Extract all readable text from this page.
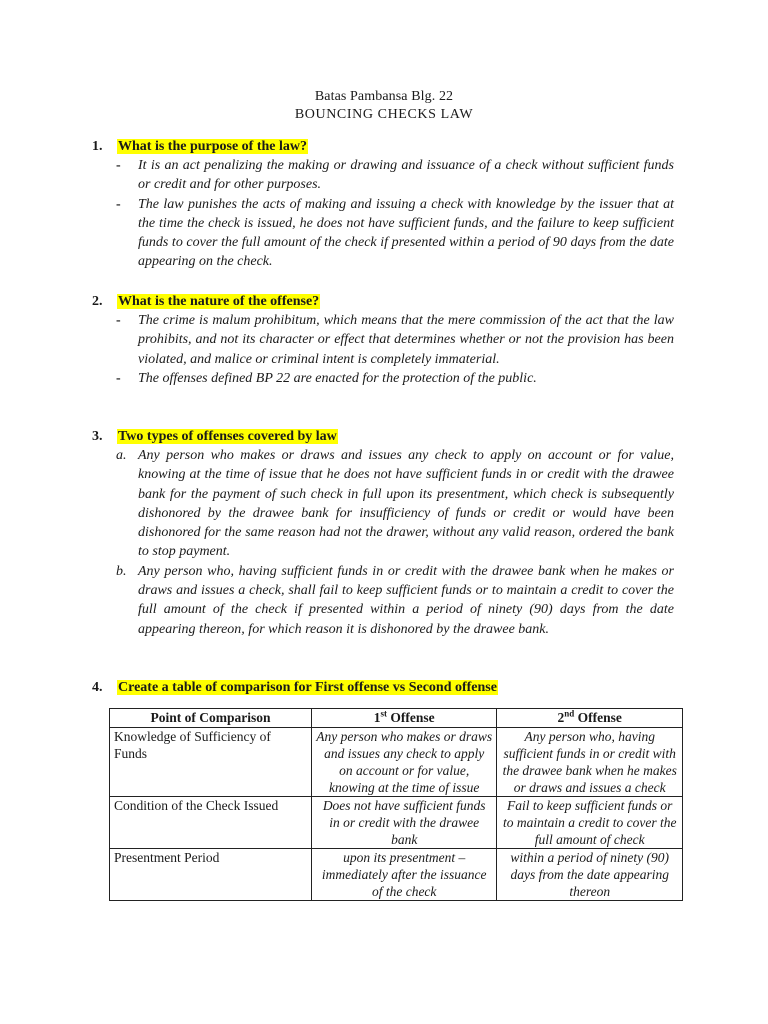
Batas Pambansa Blg. 22
BOUNCING CHECKS LAW
1. What is the purpose of the law?
- It is an act penalizing the making or drawing and issuance of a check without sufficient funds or credit and for other purposes.
- The law punishes the acts of making and issuing a check with knowledge by the issuer that at the time the check is issued, he does not have sufficient funds, and the failure to keep sufficient funds to cover the full amount of the check if presented within a period of 90 days from the date appearing on the check.
2. What is the nature of the offense?
- The crime is malum prohibitum, which means that the mere commission of the act that the law prohibits, and not its character or effect that determines whether or not the provision has been violated, and malice or criminal intent is completely immaterial.
- The offenses defined BP 22 are enacted for the protection of the public.
3. Two types of offenses covered by law
a. Any person who makes or draws and issues any check to apply on account or for value, knowing at the time of issue that he does not have sufficient funds in or credit with the drawee bank for the payment of such check in full upon its presentment, which check is subsequently dishonored by the drawee bank for insufficiency of funds or credit or would have been dishonored for the same reason had not the drawer, without any valid reason, ordered the bank to stop payment.
b. Any person who, having sufficient funds in or credit with the drawee bank when he makes or draws and issues a check, shall fail to keep sufficient funds or to maintain a credit to cover the full amount of the check if presented within a period of ninety (90) days from the date appearing thereon, for which reason it is dishonored by the drawee bank.
4. Create a table of comparison for First offense vs Second offense
Point of Comparison	1st Offense	2nd Offense
Knowledge of Sufficiency of Funds	Any person who makes or draws and issues any check to apply on account or for value, knowing at the time of issue	Any person who, having sufficient funds in or credit with the drawee bank when he makes or draws and issues a check
Condition of the Check Issued	Does not have sufficient funds in or credit with the drawee bank	Fail to keep sufficient funds or to maintain a credit to cover the full amount of check
Presentment Period	upon its presentment – immediately after the issuance of the check	within a period of ninety (90) days from the date appearing thereon
